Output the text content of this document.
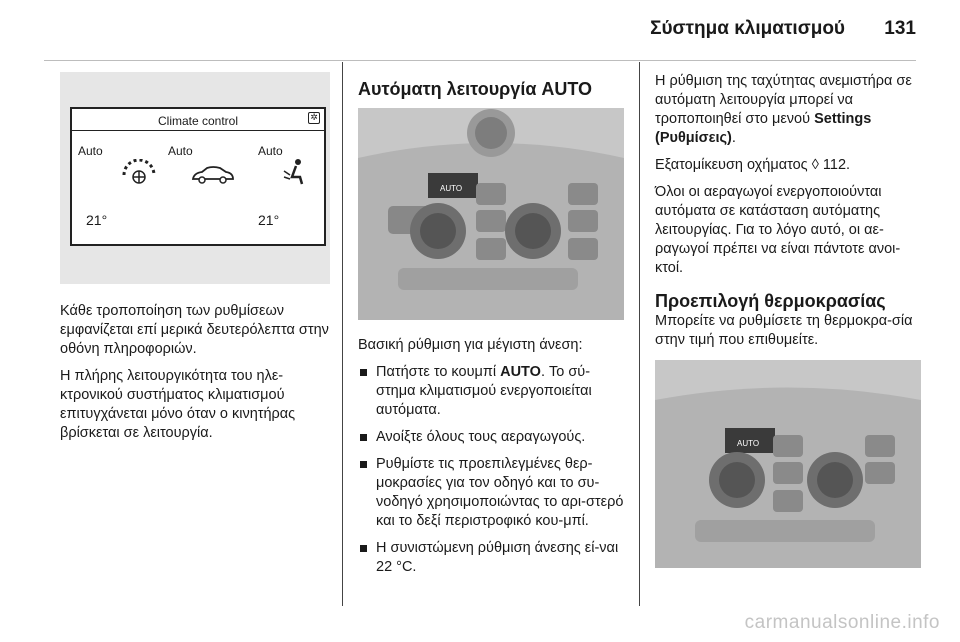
Σύστημα κλιματισμού 131
Climate control	✲
Auto	Auto	Auto
21°	21°

Κάθε τροποποίηση των ρυθμίσεων εμφανίζεται επί μερικά δευτερόλεπτα στην οθόνη πληροφοριών.

Η πλήρης λειτουργικότητα του ηλε-κτρονικού συστήματος κλιματισμού επιτυγχάνεται μόνο όταν ο κινητήρας βρίσκεται σε λειτουργία.

Αυτόματη λειτουργία AUTO
AUTO

Βασική ρύθμιση για μέγιστη άνεση:

Πατήστε το κουμπί AUTO. Το σύ-στημα κλιματισμού ενεργοποιείται αυτόματα.
Ανοίξτε όλους τους αεραγωγούς.
Ρυθμίστε τις προεπιλεγμένες θερ-μοκρασίες για τον οδηγό και το συ-νοδηγό χρησιμοποιώντας το αρι-στερό και το δεξί περιστροφικό κου-μπί.
Η συνιστώμενη ρύθμιση άνεσης εί-ναι 22 °C.

Η ρύθμιση της ταχύτητας ανεμιστήρα σε αυτόματη λειτουργία μπορεί να τροποποιηθεί στο μενού Settings (Ρυθμίσεις).

Εξατομίκευση οχήματος ◊ 112.

Όλοι οι αεραγωγοί ενεργοποιούνται αυτόματα σε κατάσταση αυτόματης λειτουργίας. Για το λόγο αυτό, οι αε-ραγωγοί πρέπει να είναι πάντοτε ανοι-κτοί.

Προεπιλογή θερμοκρασίας

Μπορείτε να ρυθμίσετε τη θερμοκρα-σία στην τιμή που επιθυμείτε.

AUTO
carmanualsonline.info
